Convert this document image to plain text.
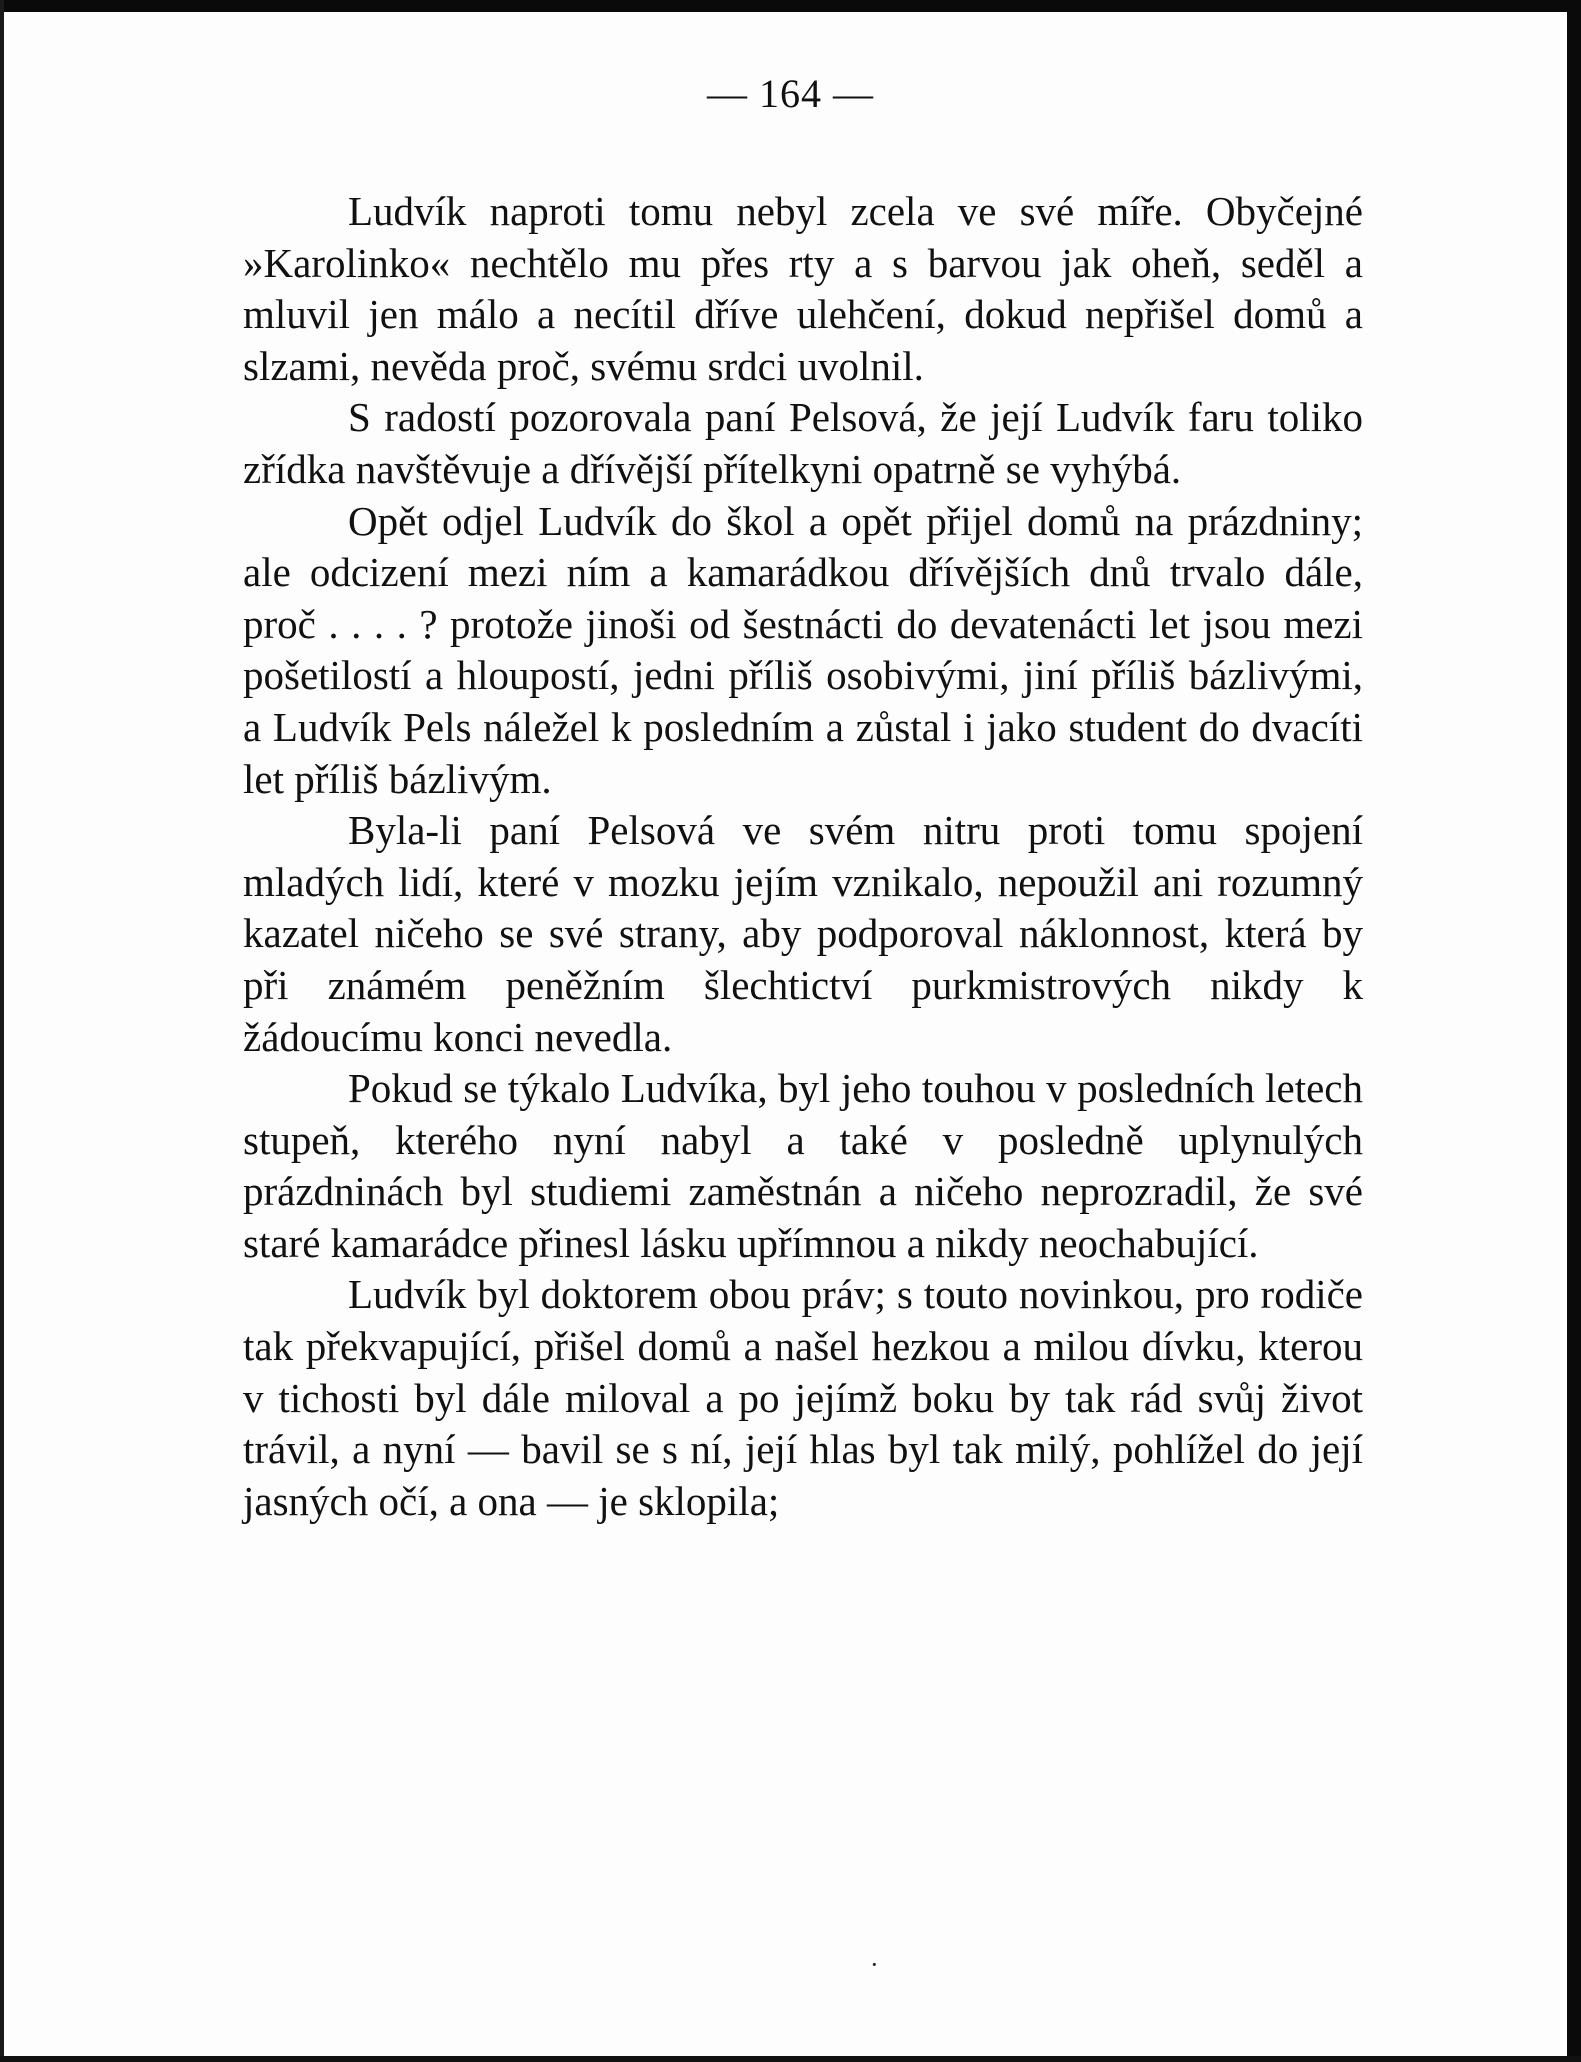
— 164 —

Ludvík naproti tomu nebyl zcela ve své míře. Obyčejné »Karolinko« nechtělo mu přes rty a s barvou jak oheň, seděl a mluvil jen málo a necítil dříve ulehčení, dokud nepřišel domů a slzami, nevěda proč, svému srdci uvolnil.

S radostí pozorovala paní Pelsová, že její Ludvík faru toliko zřídka navštěvuje a dřívější přítelkyni opatrně se vyhýbá.

Opět odjel Ludvík do škol a opět přijel domů na prázdniny; ale odcizení mezi ním a kamarádkou dřívějších dnů trvalo dále, proč . . . . ? protože jinoši od šestnácti do devatenácti let jsou mezi pošetilostí a hloupostí, jedni příliš osobivými, jiní příliš bázlivými, a Ludvík Pels náležel k posledním a zůstal i jako student do dvacíti let příliš bázlivým.

Byla-li paní Pelsová ve svém nitru proti tomu spojení mladých lidí, které v mozku jejím vznikalo, nepoužil ani rozumný kazatel ničeho se své strany, aby podporoval náklonnost, která by při známém peněžním šlechtictví purkmistrových nikdy k žádoucímu konci nevedla.

Pokud se týkalo Ludvíka, byl jeho touhou v posledních letech stupeň, kterého nyní nabyl a také v posledně uplynulých prázdninách byl studiemi zaměstnán a ničeho neprozradil, že své staré kamarádce přinesl lásku upřímnou a nikdy neochabující.

Ludvík byl doktorem obou práv; s touto novinkou, pro rodiče tak překvapující, přišel domů a našel hezkou a milou dívku, kterou v tichosti byl dále miloval a po jejímž boku by tak rád svůj život trávil, a nyní — bavil se s ní, její hlas byl tak milý, pohlížel do její jasných očí, a ona — je sklopila;

·
